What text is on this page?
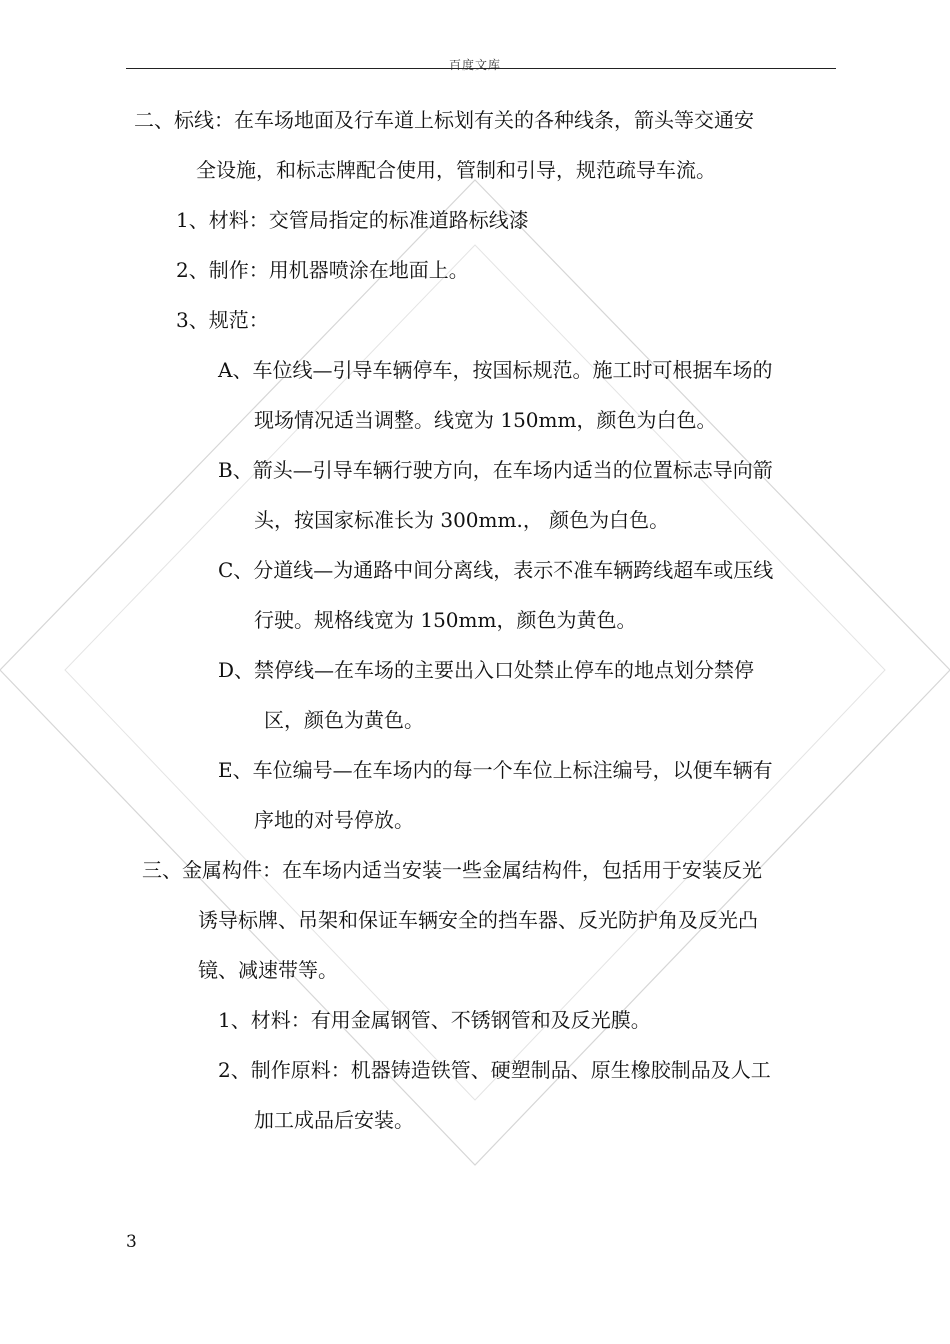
百度文库
二、标线：在车场地面及行车道上标划有关的各种线条，箭头等交通安
全设施，和标志牌配合使用，管制和引导，规范疏导车流。
1、材料：交管局指定的标准道路标线漆
2、制作：用机器喷涂在地面上。
3、规范：
A、车位线—引导车辆停车，按国标规范。施工时可根据车场的
现场情况适当调整。线宽为 150mm，颜色为白色。
B、箭头—引导车辆行驶方向，在车场内适当的位置标志导向箭
头，按国家标准长为 300mm.， 颜色为白色。
C、分道线—为通路中间分离线，表示不准车辆跨线超车或压线
行驶。规格线宽为 150mm，颜色为黄色。
D、禁停线—在车场的主要出入口处禁止停车的地点划分禁停
区，颜色为黄色。
E、车位编号—在车场内的每一个车位上标注编号，以便车辆有
序地的对号停放。
三、金属构件：在车场内适当安装一些金属结构件，包括用于安装反光
诱导标牌、吊架和保证车辆安全的挡车器、反光防护角及反光凸
镜、减速带等。
1、材料：有用金属钢管、不锈钢管和及反光膜。
2、制作原料：机器铸造铁管、硬塑制品、原生橡胶制品及人工
加工成品后安装。
3
